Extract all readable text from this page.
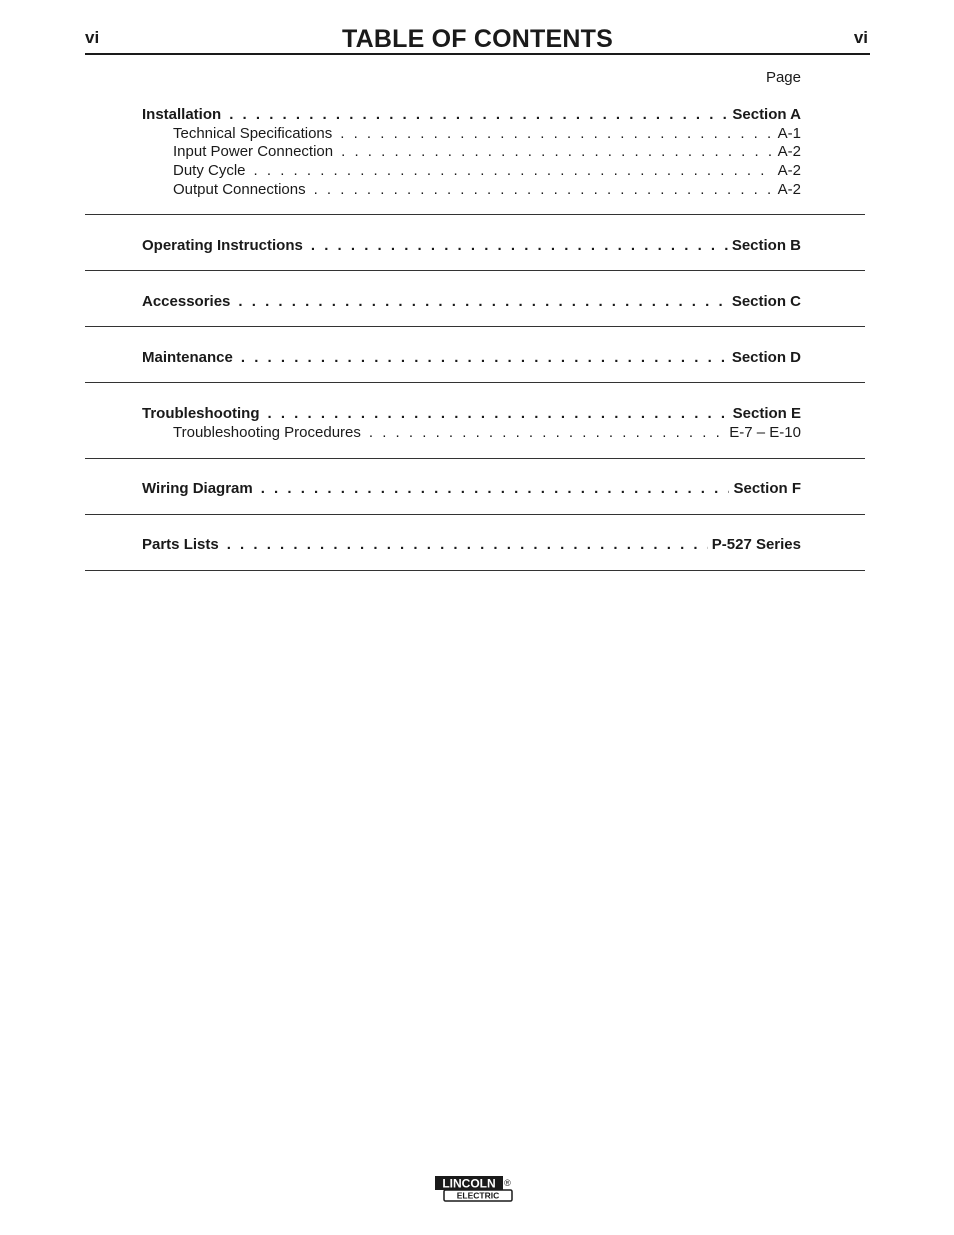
vi	TABLE OF CONTENTS	vi
Page
Installation . . .	Section A
Technical Specifications . . .	A-1
Input Power Connection . . .	A-2
Duty Cycle . . .	A-2
Output Connections . . .	A-2
Operating Instructions . . .	Section B
Accessories . . .	Section C
Maintenance . . .	Section D
Troubleshooting . . .	Section E
Troubleshooting Procedures . . .	E-7 – E-10
Wiring Diagram . . .	Section F
Parts Lists . . .	P-527 Series
LINCOLN ®
ELECTRIC
